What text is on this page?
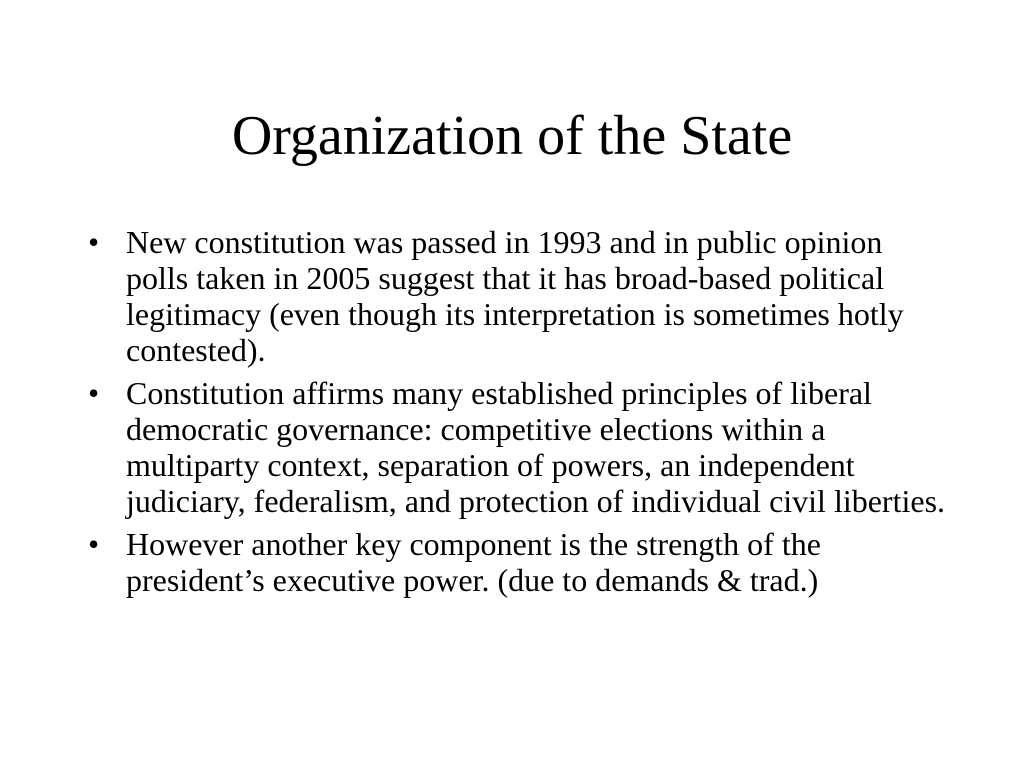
Organization of the State
• New constitution was passed in 1993 and in public opinion polls taken in 2005 suggest that it has broad-based political legitimacy (even though its interpretation is sometimes hotly contested).
• Constitution affirms many established principles of liberal democratic governance: competitive elections within a multiparty context, separation of powers, an independent judiciary, federalism, and protection of individual civil liberties.
• However another key component is the strength of the president’s executive power. (due to demands & trad.)
